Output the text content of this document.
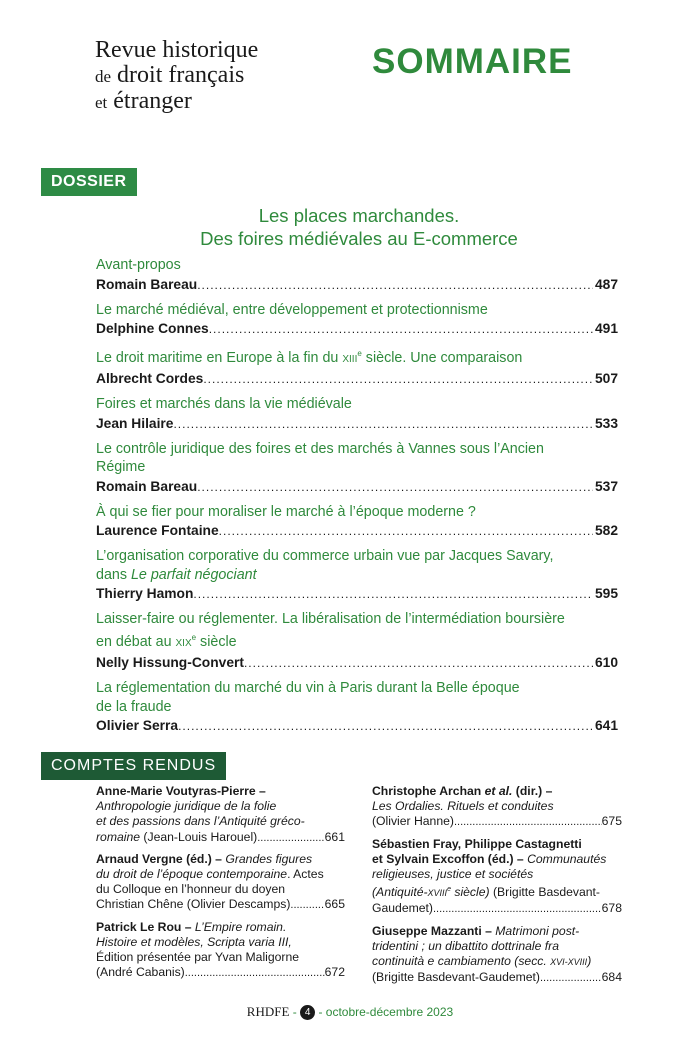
Revue historique
de droit français
et étranger
SOMMAIRE
DOSSIER
Les places marchandes.
Des foires médiévales au E-commerce
Avant-propos
Romain Bareau .....	487
Le marché médiéval, entre développement et protectionnisme
Delphine Connes .....	491
Le droit maritime en Europe à la fin du XIIIe siècle. Une comparaison
Albrecht Cordes .....	507
Foires et marchés dans la vie médiévale
Jean Hilaire .....	533
Le contrôle juridique des foires et des marchés à Vannes sous l’Ancien
Régime
Romain Bareau .....	537
À qui se fier pour moraliser le marché à l’époque moderne ?
Laurence Fontaine .....	582
L’organisation corporative du commerce urbain vue par Jacques Savary,
dans Le parfait négociant
Thierry Hamon .....	595
Laisser-faire ou réglementer. La libéralisation de l’intermédiation boursière
en débat au XIXe siècle
Nelly Hissung-Convert .....	610
La réglementation du marché du vin à Paris durant la Belle époque
de la fraude
Olivier Serra .....	641
COMPTES RENDUS
Anne-Marie Voutyras-Pierre –
Anthropologie juridique de la folie
et des passions dans l’Antiquité gréco-
romaine (Jean-Louis Harouel) .....	661
Arnaud Vergne (éd.) – Grandes figures
du droit de l’époque contemporaine. Actes
du Colloque en l’honneur du doyen
Christian Chêne (Olivier Descamps) .....	665
Patrick Le Rou – L’Empire romain.
Histoire et modèles, Scripta varia III,
Édition présentée par Yvan Maligorne
(André Cabanis) .....	672
Christophe Archan et al. (dir.) –
Les Ordalies. Rituels et conduites
(Olivier Hanne) .....	675
Sébastien Fray, Philippe Castagnetti
et Sylvain Excoffon (éd.) – Communautés
religieuses, justice et sociétés
(Antiquité-XVIIIe siècle) (Brigitte Basdevant-
Gaudemet) .....	678
Giuseppe Mazzanti – Matrimoni post-
tridentini ; un dibattito dottrinale fra
continuità e cambiamento (secc. XVI-XVIII)
(Brigitte Basdevant-Gaudemet) .....	684
RHDFE - 4 - octobre-décembre 2023
